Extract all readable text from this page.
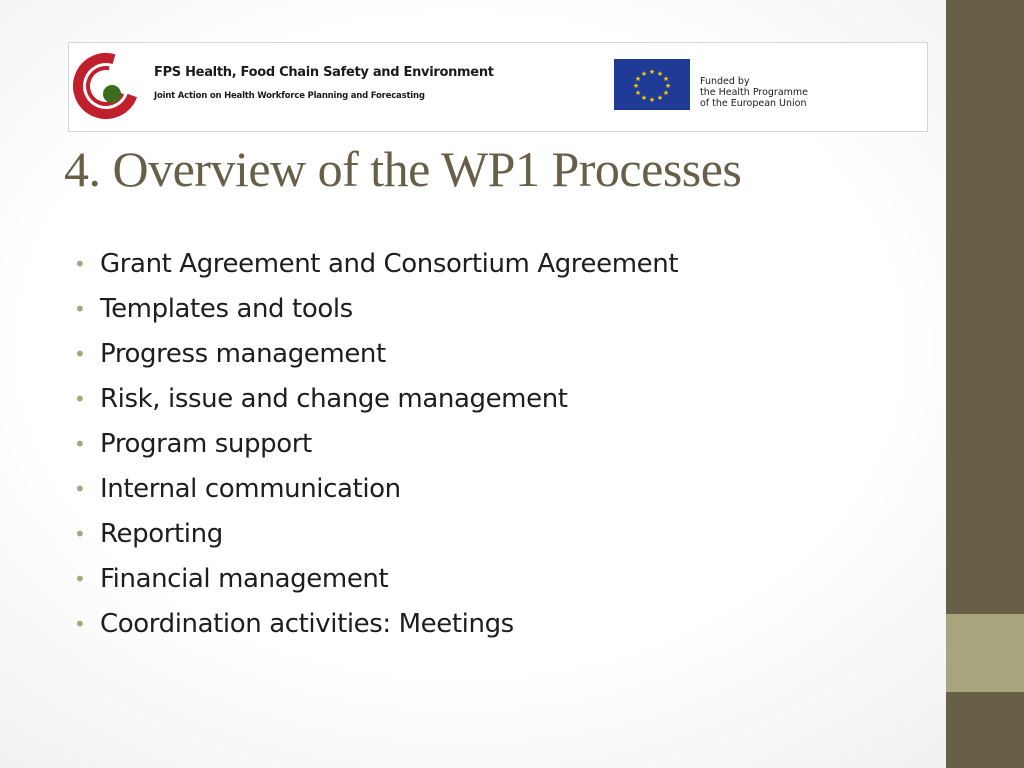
FPS Health, Food Chain Safety and Environment
Joint Action on Health Workforce Planning and Forecasting
★ ★
★
★
★
★
★
★
★
★
★
★
Funded by
the Health Programme
of the European Union
4. Overview of the WP1 Processes
• Grant Agreement and Consortium Agreement
• Templates and tools
• Progress management
• Risk, issue and change management
• Program support
• Internal communication
• Reporting
• Financial management
• Coordination activities: Meetings
